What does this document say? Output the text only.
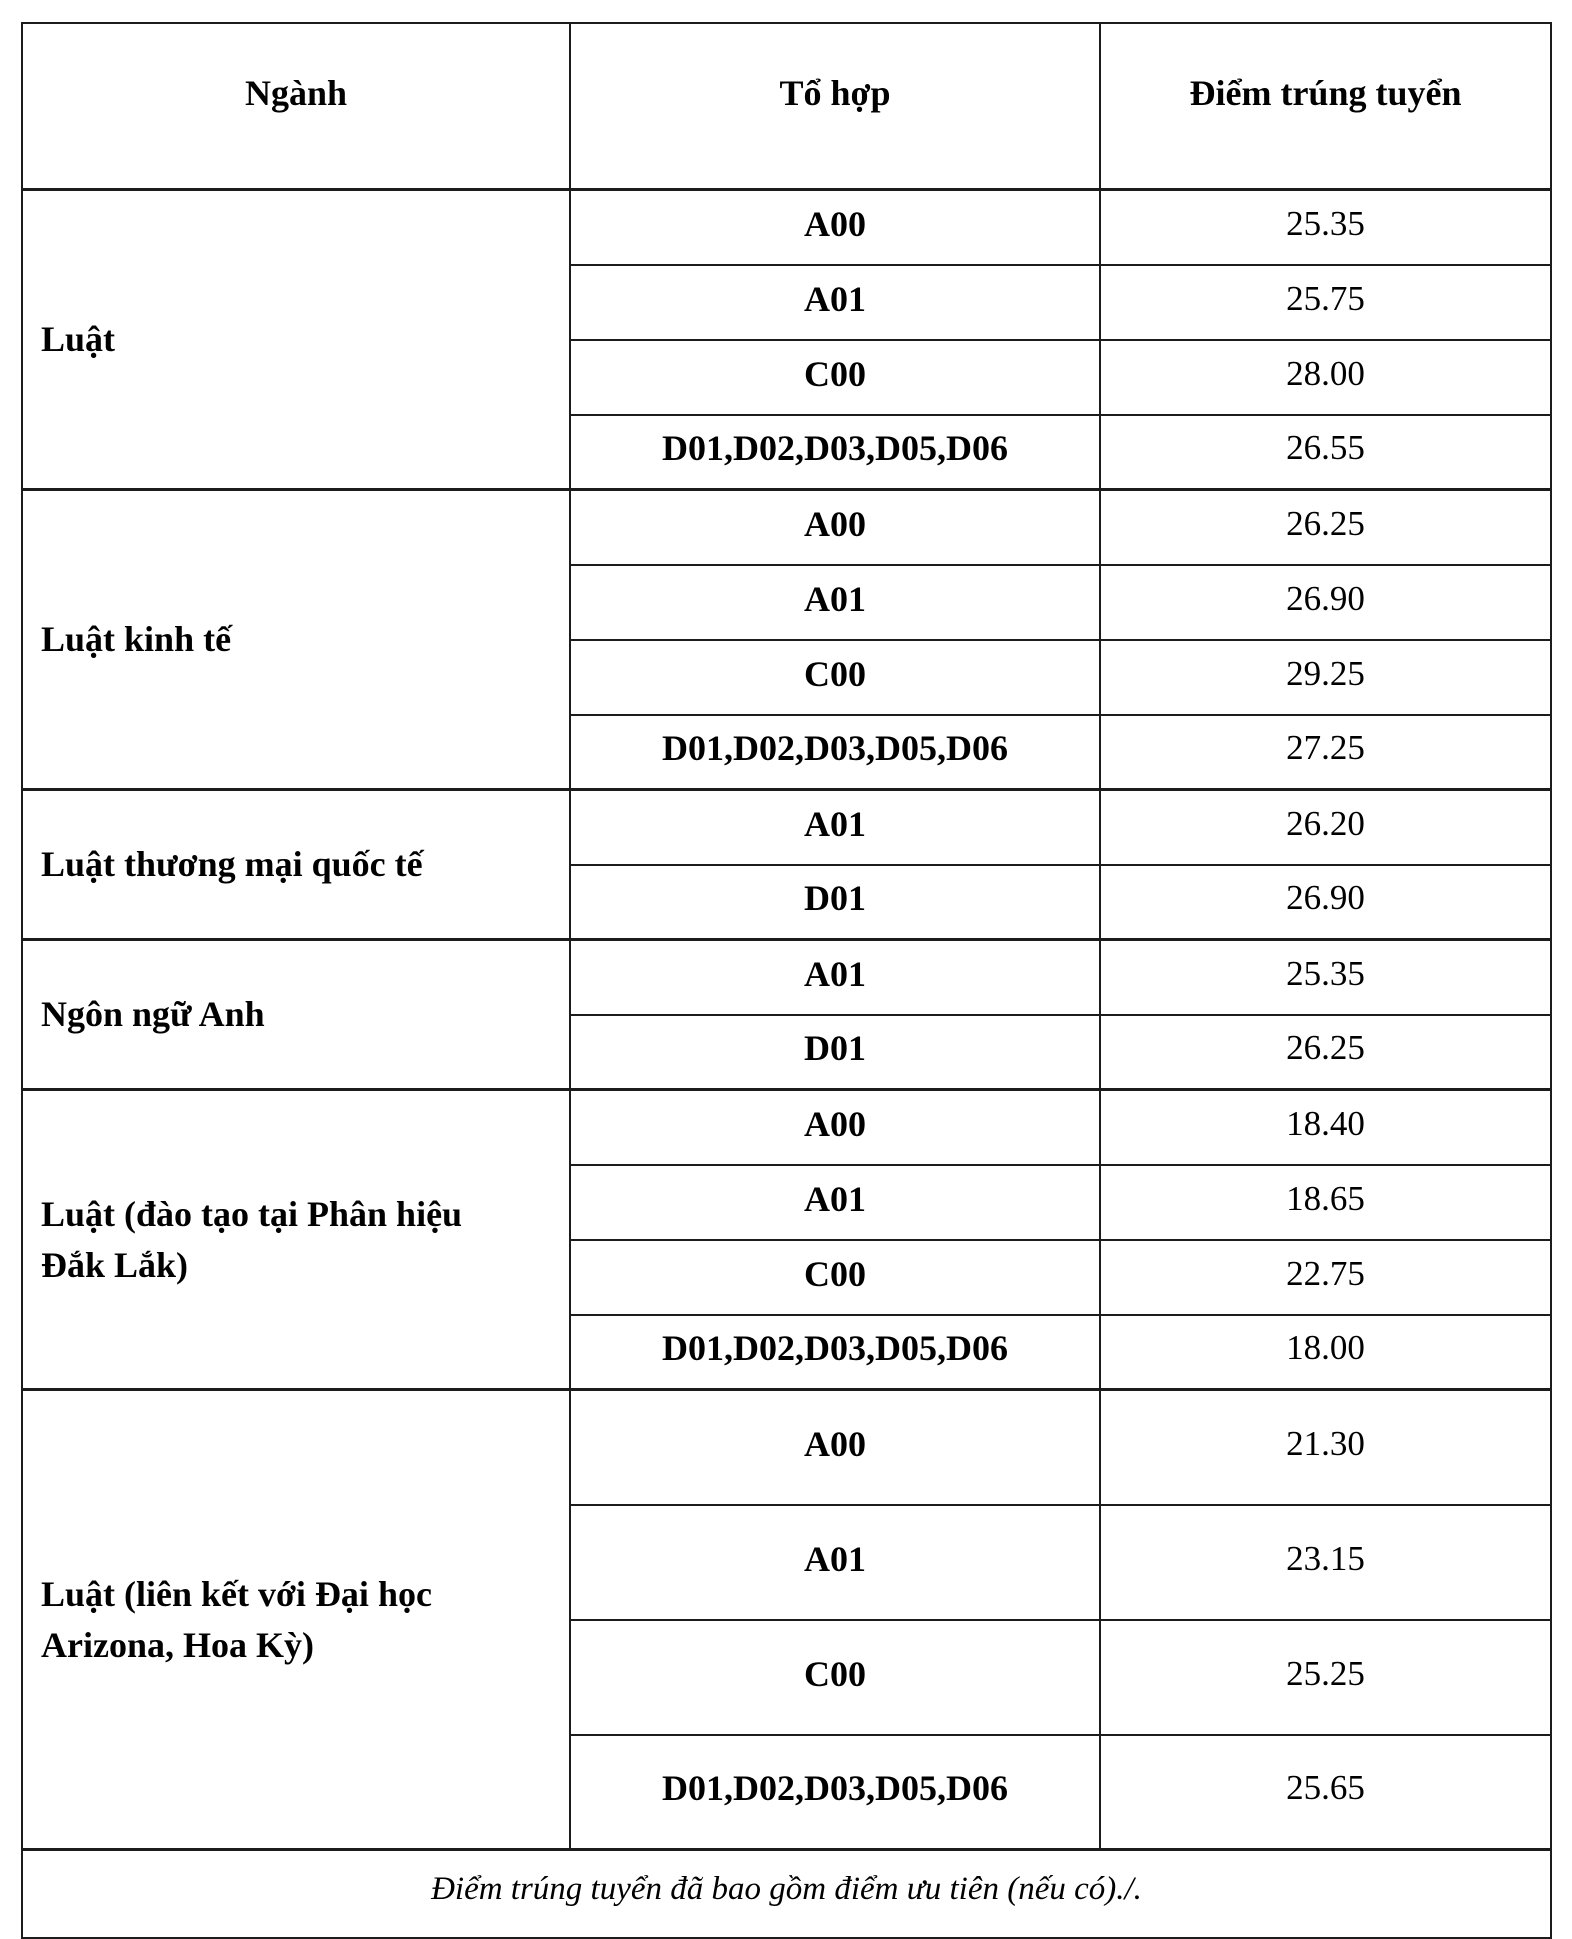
Ngành	Tổ hợp	Điểm trúng tuyển
Luật	A00	25.35
	A01	25.75
	C00	28.00
	D01,D02,D03,D05,D06	26.55
Luật kinh tế	A00	26.25
	A01	26.90
	C00	29.25
	D01,D02,D03,D05,D06	27.25
Luật thương mại quốc tế	A01	26.20
	D01	26.90
Ngôn ngữ Anh	A01	25.35
	D01	26.25
Luật (đào tạo tại Phân hiệu Đắk Lắk)	A00	18.40
	A01	18.65
	C00	22.75
	D01,D02,D03,D05,D06	18.00
Luật (liên kết với Đại học Arizona, Hoa Kỳ)	A00	21.30
	A01	23.15
	C00	25.25
	D01,D02,D03,D05,D06	25.65
Điểm trúng tuyển đã bao gồm điểm ưu tiên (nếu có)./.		
